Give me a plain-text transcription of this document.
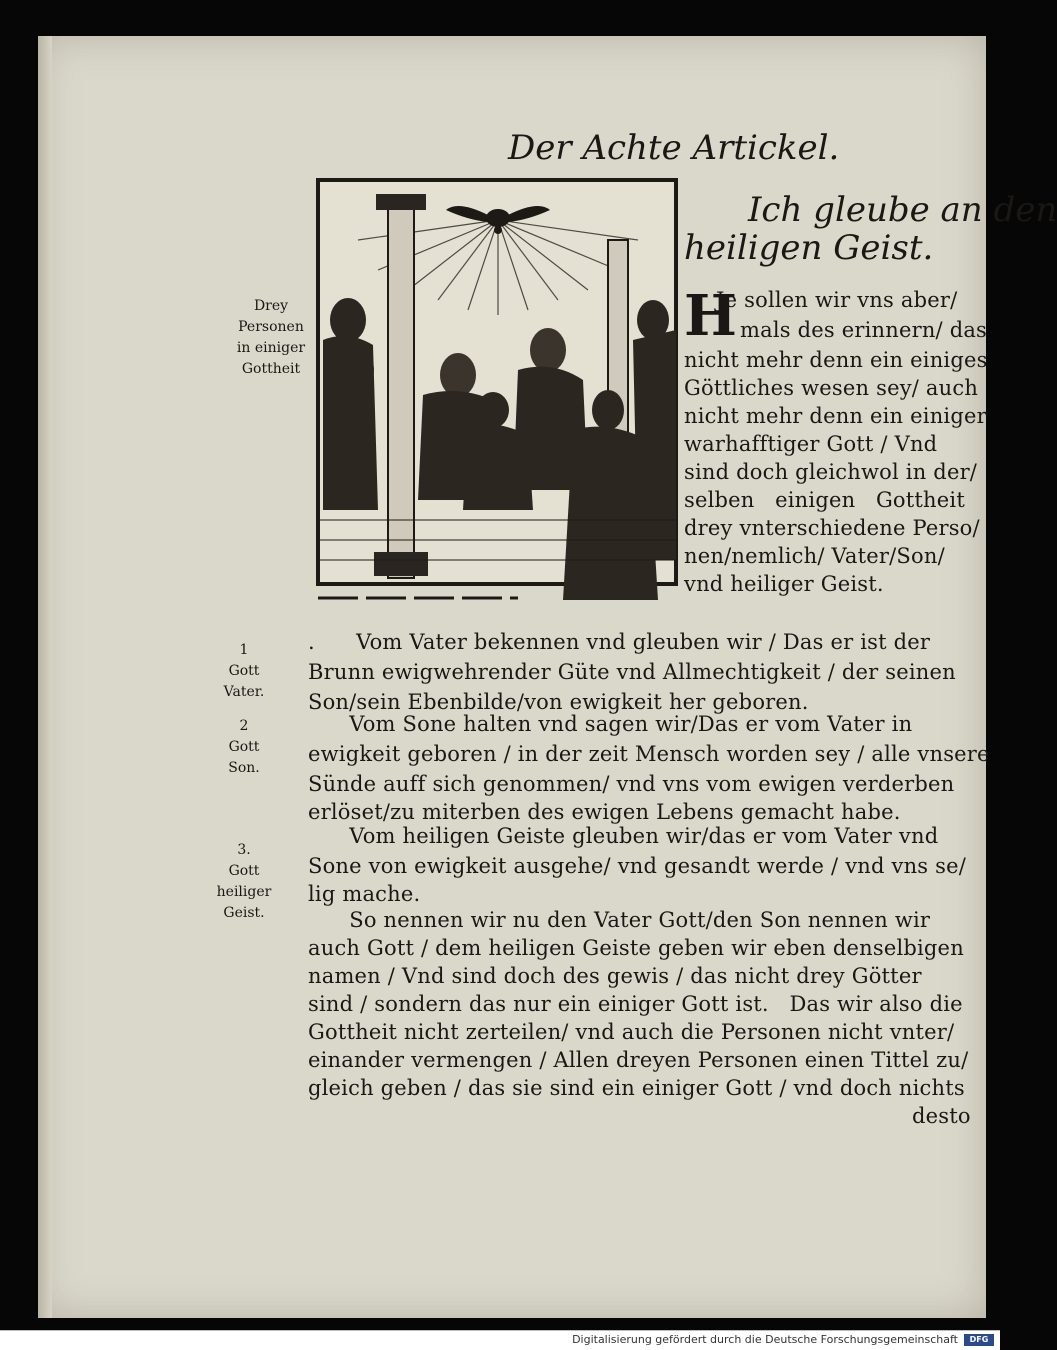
Der Achte Artickel.
Ich gleube an den
heiligen Geist.
Drey
Personen
in einiger
Gottheit
H
Je sollen wir vns aber/
mals des erinnern/ das
nicht mehr denn ein einiges
Göttliches wesen sey/ auch
nicht mehr denn ein einiger
warhafftiger Gott / Vnd
sind doch gleichwol in der/
selben   einigen   Gottheit
drey vnterschiedene Perso/
nen/nemlich/ Vater/Son/
vnd heiliger Geist.
1
Gott
Vater.
2
Gott
Son.
3.
Gott
heiliger
Geist.
.      Vom Vater bekennen vnd gleuben wir / Das er ist der
Brunn ewigwehrender Güte vnd Allmechtigkeit / der seinen
Son/sein Ebenbilde/von ewigkeit her geboren.
Vom Sone halten vnd sagen wir/Das er vom Vater in
ewigkeit geboren / in der zeit Mensch worden sey / alle vnsere
Sünde auff sich genommen/ vnd vns vom ewigen verderben
erlöset/zu miterben des ewigen Lebens gemacht habe.
Vom heiligen Geiste gleuben wir/das er vom Vater vnd
Sone von ewigkeit ausgehe/ vnd gesandt werde / vnd vns se/
lig mache.
So nennen wir nu den Vater Gott/den Son nennen wir
auch Gott / dem heiligen Geiste geben wir eben denselbigen
namen / Vnd sind doch des gewis / das nicht drey Götter
sind / sondern das nur ein einiger Gott ist.   Das wir also die
Gottheit nicht zerteilen/ vnd auch die Personen nicht vnter/
einander vermengen / Allen dreyen Personen einen Tittel zu/
gleich geben / das sie sind ein einiger Gott / vnd doch nichts
desto
Digitalisierung gefördert durch die Deutsche Forschungsgemeinschaft	DFG
